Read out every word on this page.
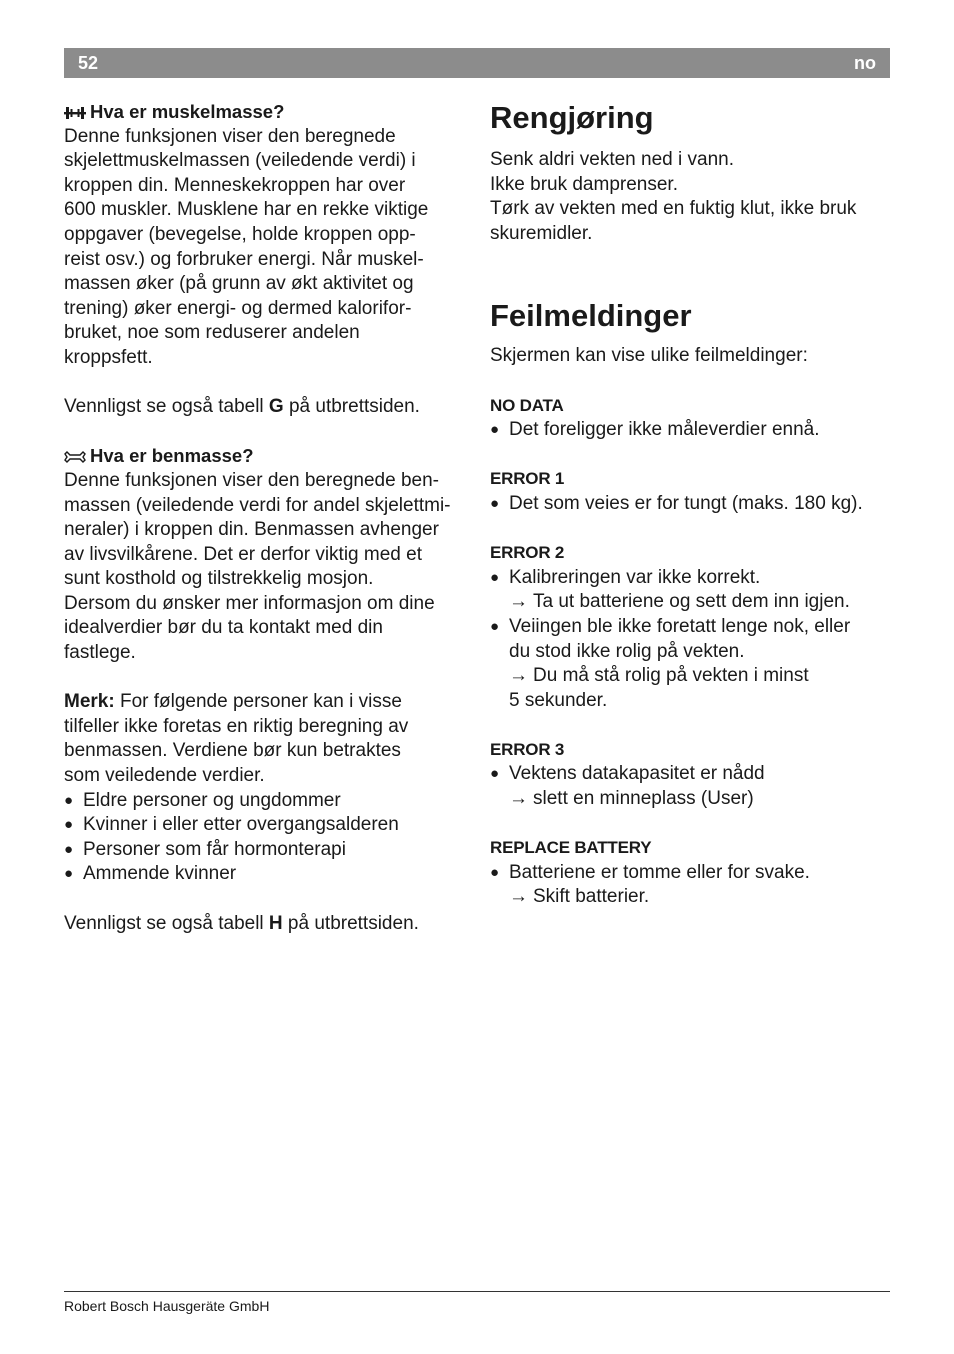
52	no
Hva er muskelmasse?

Denne funksjonen viser den beregnede

skjelettmuskelmassen (veiledende verdi) i

kroppen din. Menneskekroppen har over

600 muskler. Musklene har en rekke viktige

oppgaver (bevegelse, holde kroppen opp-

reist osv.) og forbruker energi. Når muskel-

massen øker (på grunn av økt aktivitet og

trening) øker energi- og dermed kalorifor-

bruket, noe som reduserer andelen

kroppsfett.

Vennligst se også tabell G på utbrettsiden.

Hva er benmasse?

Denne funksjonen viser den beregnede ben-

massen (veiledende verdi for andel skjelettmi-

neraler) i kroppen din. Benmassen avhenger

av livsvilkårene. Det er derfor viktig med et

sunt kosthold og tilstrekkelig mosjon.

Dersom du ønsker mer informasjon om dine

idealverdier bør du ta kontakt med din

fastlege.

Merk: For følgende personer kan i visse

tilfeller ikke foretas en riktig beregning av

benmassen. Verdiene bør kun betraktes

som veiledende verdier.

● Eldre personer og ungdommer
● Kvinner i eller etter overgangsalderen
● Personer som får hormonterapi
● Ammende kvinner

Vennligst se også tabell H på utbrettsiden.

Rengjøring

Senk aldri vekten ned i vann.

Ikke bruk damprenser.

Tørk av vekten med en fuktig klut, ikke bruk

skuremidler.

Feilmeldinger

Skjermen kan vise ulike feilmeldinger:

NO DATA
● Det foreligger ikke måleverdier ennå.
ERROR 1
● Det som veies er for tungt (maks. 180 kg).
ERROR 2
● Kalibreringen var ikke korrekt.
→ Ta ut batteriene og sett dem inn igjen.
● Veiingen ble ikke foretatt lenge nok, eller
du stod ikke rolig på vekten.
→ Du må stå rolig på vekten i minst
5 sekunder.
ERROR 3
● Vektens datakapasitet er nådd
→ slett en minneplass (User)
REPLACE BATTERY
● Batteriene er tomme eller for svake.
→ Skift batterier.
Robert Bosch Hausgeräte GmbH
